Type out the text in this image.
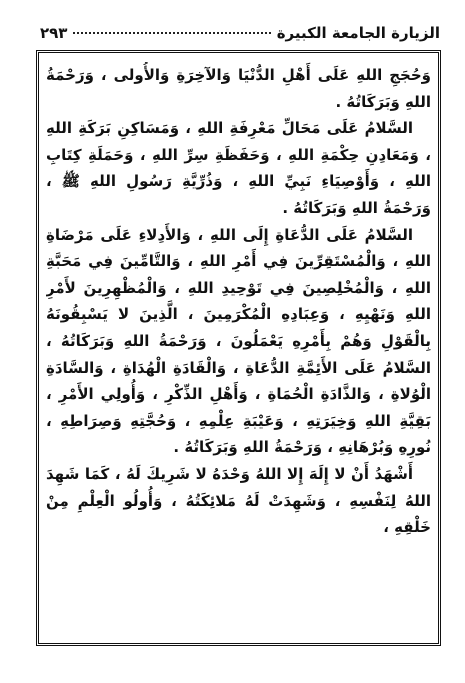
الزيارة الجامعة الكبيرة
٢٩٣

وَحُجَجِ اللهِ عَلَى أَهْلِ الدُّنْيَا وَالآخِرَةِ وَالأُولى ، وَرَحْمَةُ اللهِ وَبَرَكَاتُهُ .

السَّلامُ عَلَى مَحَالِّ مَعْرِفَةِ اللهِ ، وَمَسَاكِنِ بَرَكَةِ اللهِ ، وَمَعَادِنِ حِكْمَةِ اللهِ ، وَحَفَظَةِ سِرِّ اللهِ ، وَحَمَلَةِ كِتَابِ اللهِ ، وَأَوْصِيَاءِ نَبِيِّ اللهِ ، وَذُرِّيَّةِ رَسُولِ اللهِ ﷺ ، وَرَحْمَةُ اللهِ وَبَرَكَاتُهُ .

السَّلامُ عَلَى الدُّعَاةِ إِلَى اللهِ ، وَالأَدِلاءِ عَلَى مَرْضَاةِ اللهِ ، وَالْمُسْتَقِرِّينَ فِي أَمْرِ اللهِ ، وَالتَّامِّينَ فِي مَحَبَّةِ اللهِ ، وَالْمُخْلِصِينَ فِي تَوْحِيدِ اللهِ ، وَالْمُظْهِرِينَ لأَمْرِ اللهِ وَنَهْيِهِ ، وَعِبَادِهِ الْمُكْرَمِينَ ، الَّذِينَ لا يَسْبِقُونَهُ بِالْقَوْلِ وَهُمْ بِأَمْرِهِ يَعْمَلُونَ ، وَرَحْمَةُ اللهِ وَبَرَكَاتُهُ ، السَّلامُ عَلَى الأَئِمَّةِ الدُّعَاةِ ، وَالْقَادَةِ الْهُدَاةِ ، وَالسَّادَةِ الْوُلاةِ ، وَالذَّادَةِ الْحُمَاةِ ، وَأَهْلِ الذِّكْرِ ، وَأُولِي الأَمْرِ ، بَقِيَّةِ اللهِ وَخِيَرَتِهِ ، وَعَيْبَةِ عِلْمِهِ ، وَحُجَّتِهِ وَصِرَاطِهِ ، نُورِهِ وَبُرْهَانِهِ ، وَرَحْمَةُ اللهِ وَبَرَكَاتُهُ .

أَشْهَدُ أَنْ لا إِلَهَ إِلا اللهُ وَحْدَهُ لا شَرِيكَ لَهُ ، كَمَا شَهِدَ اللهُ لِنَفْسِهِ ، وَشَهِدَتْ لَهُ مَلائِكَتُهُ ، وَأُولُو الْعِلْمِ مِنْ خَلْقِهِ ،
